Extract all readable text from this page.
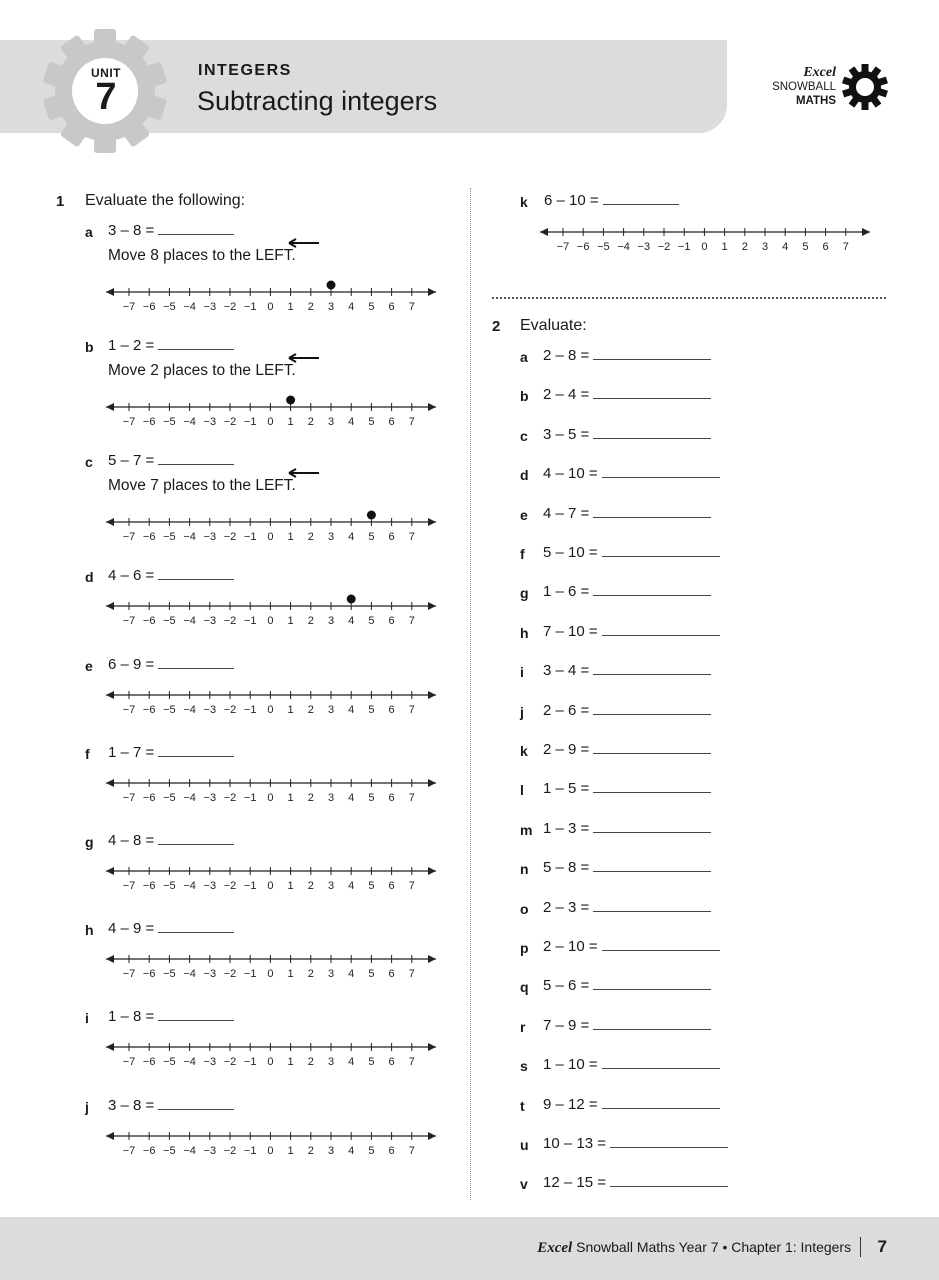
UNIT
7
INTEGERS
Subtracting integers
Excel
SNOWBALL
MATHS
1 Evaluate the following:
a 3 – 8 =
Move 8 places to the LEFT.
−7 −6 −5 −4 −3 −2 −1 0 1 2 3 4 5 6 7
b 1 – 2 =
Move 2 places to the LEFT.
−7 −6 −5 −4 −3 −2 −1 0 1 2 3 4 5 6 7
c 5 – 7 =
Move 7 places to the LEFT.
−7 −6 −5 −4 −3 −2 −1 0 1 2 3 4 5 6 7
d 4 – 6 =
−7 −6 −5 −4 −3 −2 −1 0 1 2 3 4 5 6 7
e 6 – 9 =
−7 −6 −5 −4 −3 −2 −1 0 1 2 3 4 5 6 7
f 1 – 7 =
−7 −6 −5 −4 −3 −2 −1 0 1 2 3 4 5 6 7
g 4 – 8 =
−7 −6 −5 −4 −3 −2 −1 0 1 2 3 4 5 6 7
h 4 – 9 =
−7 −6 −5 −4 −3 −2 −1 0 1 2 3 4 5 6 7
i 1 – 8 =
−7 −6 −5 −4 −3 −2 −1 0 1 2 3 4 5 6 7
j 3 – 8 =
−7 −6 −5 −4 −3 −2 −1 0 1 2 3 4 5 6 7
k 6 – 10 =
−7 −6 −5 −4 −3 −2 −1 0 1 2 3 4 5 6 7
2 Evaluate:
a 2 – 8 =
b 2 – 4 =
c 3 – 5 =
d 4 – 10 =
e 4 – 7 =
f 5 – 10 =
g 1 – 6 =
h 7 – 10 =
i 3 – 4 =
j 2 – 6 =
k 2 – 9 =
l 1 – 5 =
m 1 – 3 =
n 5 – 8 =
o 2 – 3 =
p 2 – 10 =
q 5 – 6 =
r 7 – 9 =
s 1 – 10 =
t 9 – 12 =
u 10 – 13 =
v 12 – 15 =
Excel Snowball Maths Year 7 • Chapter 1: Integers	7
